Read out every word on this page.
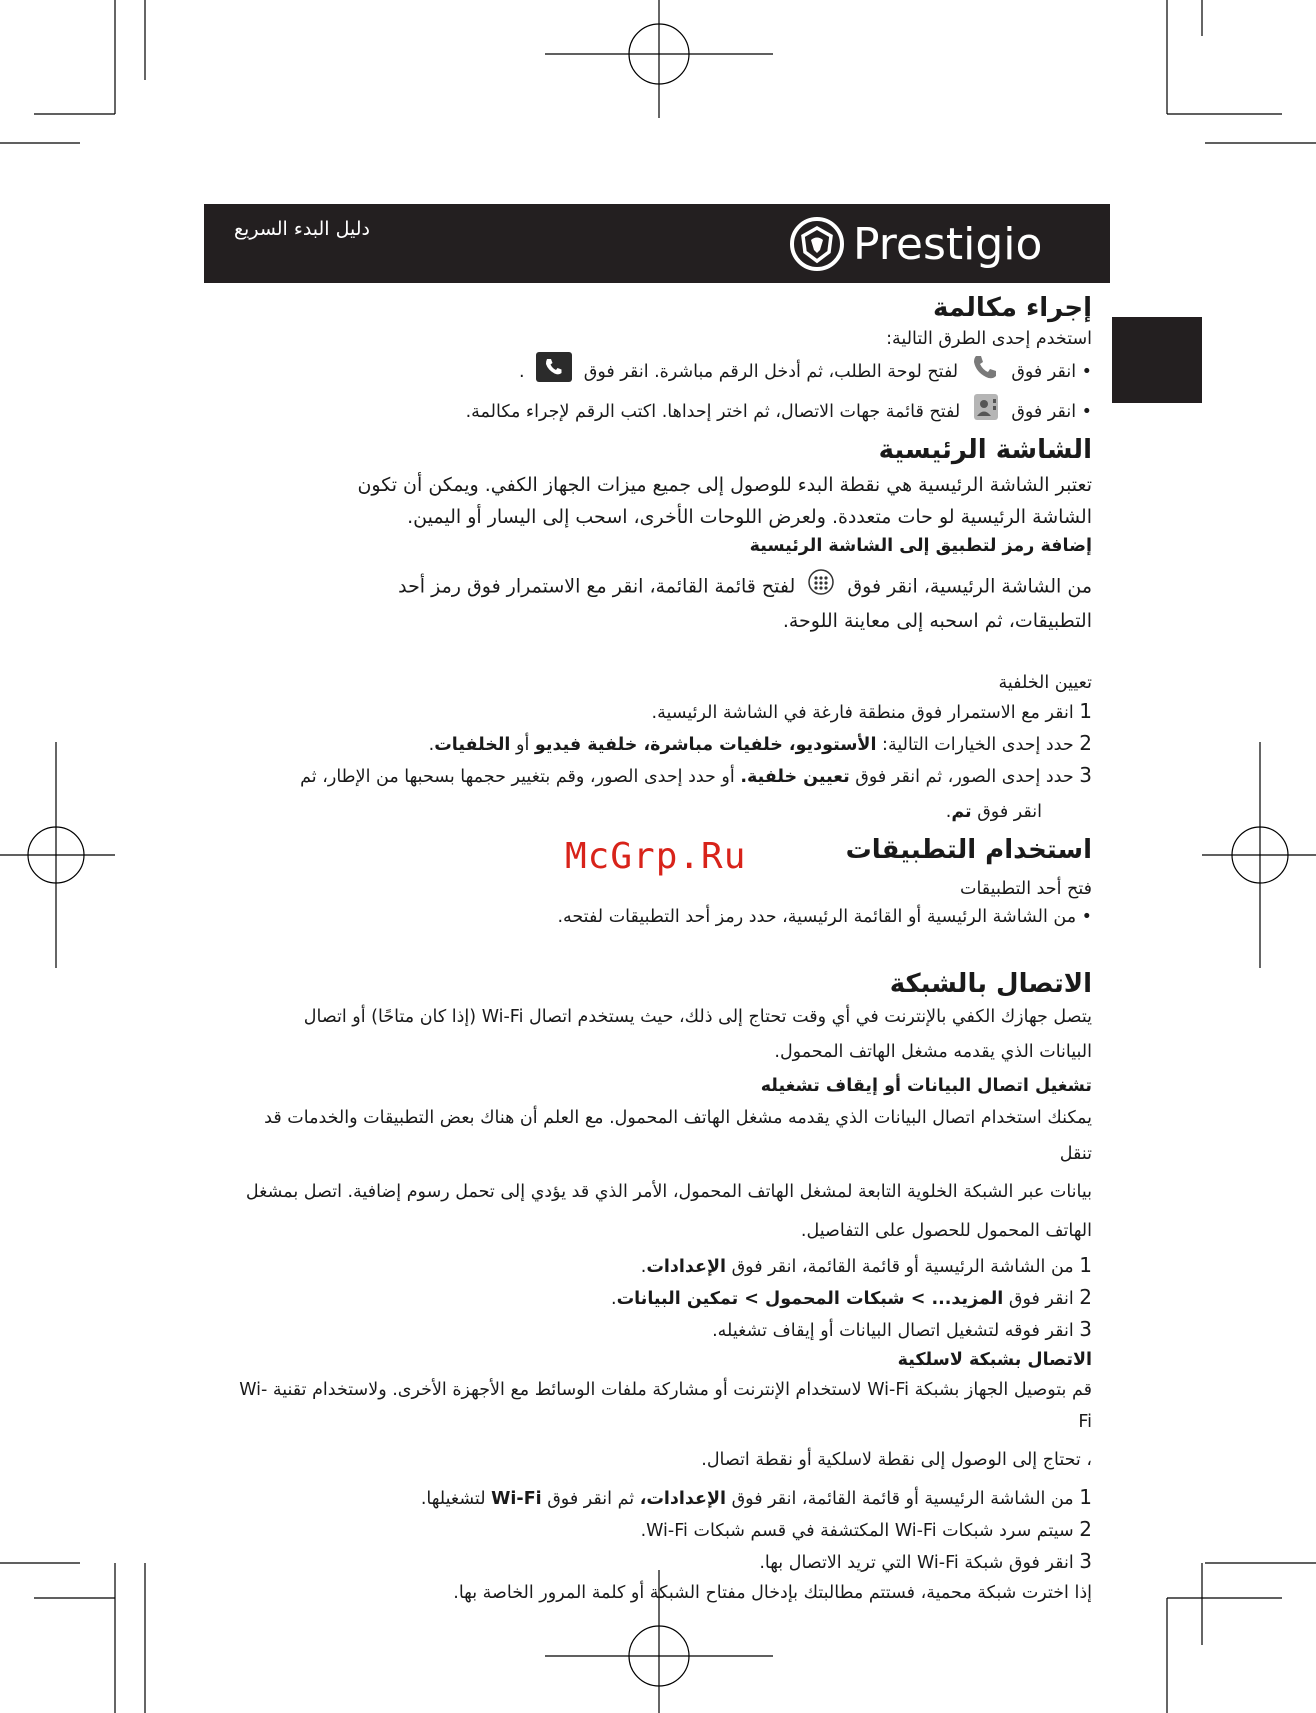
Prestigio
دليل البدء السريع
McGrp.Ru

إجراء مكالمة

استخدم إحدى الطرق التالية:

• انقر فوق  لفتح لوحة الطلب، ثم أدخل الرقم مباشرة. انقر فوق  .

• انقر فوق  لفتح قائمة جهات الاتصال، ثم اختر إحداها. اكتب الرقم لإجراء مكالمة.

الشاشة الرئيسية

تعتبر الشاشة الرئيسية هي نقطة البدء للوصول إلى جميع ميزات الجهاز الكفي. ويمكن أن تكون

الشاشة الرئيسية لو حات متعددة. ولعرض اللوحات الأخرى، اسحب إلى اليسار أو اليمين.

إضافة رمز لتطبيق إلى الشاشة الرئيسية

من الشاشة الرئيسية، انقر فوق  لفتح قائمة القائمة، انقر مع الاستمرار فوق رمز أحد

التطبيقات، ثم اسحبه إلى معاينة اللوحة.

تعيين الخلفية

1 انقر مع الاستمرار فوق منطقة فارغة في الشاشة الرئيسية.

2 حدد إحدى الخيارات التالية: الأستوديو، خلفيات مباشرة، خلفية فيديو أو الخلفيات.

3 حدد إحدى الصور، ثم انقر فوق تعيين خلفية. أو حدد إحدى الصور، وقم بتغيير حجمها بسحبها من الإطار، ثم

انقر فوق تم.

استخدام التطبيقات

فتح أحد التطبيقات

• من الشاشة الرئيسية أو القائمة الرئيسية، حدد رمز أحد التطبيقات لفتحه.

الاتصال بالشبكة

يتصل جهازك الكفي بالإنترنت في أي وقت تحتاج إلى ذلك، حيث يستخدم اتصال Wi-Fi (إذا كان متاحًا) أو اتصال

البيانات الذي يقدمه مشغل الهاتف المحمول.

تشغيل اتصال البيانات أو إيقاف تشغيله

يمكنك استخدام اتصال البيانات الذي يقدمه مشغل الهاتف المحمول. مع العلم أن هناك بعض التطبيقات والخدمات قد تنقل

بيانات عبر الشبكة الخلوية التابعة لمشغل الهاتف المحمول، الأمر الذي قد يؤدي إلى تحمل رسوم إضافية. اتصل بمشغل

الهاتف المحمول للحصول على التفاصيل.

1 من الشاشة الرئيسية أو قائمة القائمة، انقر فوق الإعدادات.

2 انقر فوق المزيد... > شبكات المحمول > تمكين البيانات.

3 انقر فوقه لتشغيل اتصال البيانات أو إيقاف تشغيله.

الاتصال بشبكة لاسلكية

قم بتوصيل الجهاز بشبكة Wi-Fi لاستخدام الإنترنت أو مشاركة ملفات الوسائط مع الأجهزة الأخرى. ولاستخدام تقنية Wi-Fi

، تحتاج إلى الوصول إلى نقطة لاسلكية أو نقطة اتصال.

1 من الشاشة الرئيسية أو قائمة القائمة، انقر فوق الإعدادات، ثم انقر فوق Wi-Fi لتشغيلها.

2 سيتم سرد شبكات Wi-Fi المكتشفة في قسم شبكات Wi-Fi.

3 انقر فوق شبكة Wi-Fi التي تريد الاتصال بها.

إذا اخترت شبكة محمية، فستتم مطالبتك بإدخال مفتاح الشبكة أو كلمة المرور الخاصة بها.
